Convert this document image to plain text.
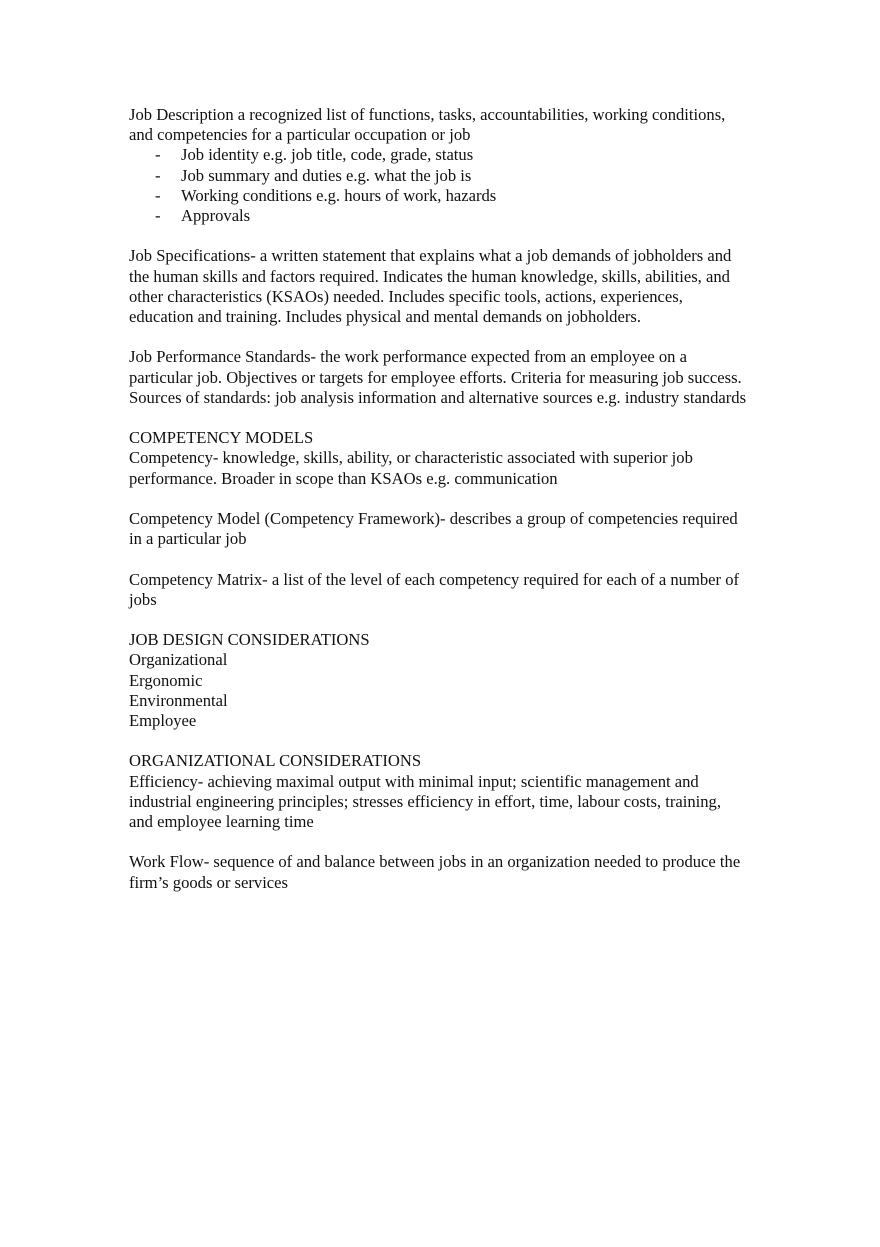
Job Description a recognized list of functions, tasks, accountabilities, working conditions, and competencies for a particular occupation or job

- Job identity e.g. job title, code, grade, status
- Job summary and duties e.g. what the job is
- Working conditions e.g. hours of work, hazards
- Approvals

Job Specifications- a written statement that explains what a job demands of jobholders and the human skills and factors required. Indicates the human knowledge, skills, abilities, and other characteristics (KSAOs) needed. Includes specific tools, actions, experiences, education and training. Includes physical and mental demands on jobholders.

Job Performance Standards- the work performance expected from an employee on a particular job. Objectives or targets for employee efforts. Criteria for measuring job success. Sources of standards: job analysis information and alternative sources e.g. industry standards

COMPETENCY MODELS

Competency- knowledge, skills, ability, or characteristic associated with superior job performance. Broader in scope than KSAOs e.g. communication

Competency Model (Competency Framework)- describes a group of competencies required in a particular job

Competency Matrix- a list of the level of each competency required for each of a number of jobs

JOB DESIGN CONSIDERATIONS

Organizational

Ergonomic

Environmental

Employee

ORGANIZATIONAL CONSIDERATIONS

Efficiency- achieving maximal output with minimal input; scientific management and industrial engineering principles; stresses efficiency in effort, time, labour costs, training, and employee learning time

Work Flow- sequence of and balance between jobs in an organization needed to produce the firm’s goods or services
